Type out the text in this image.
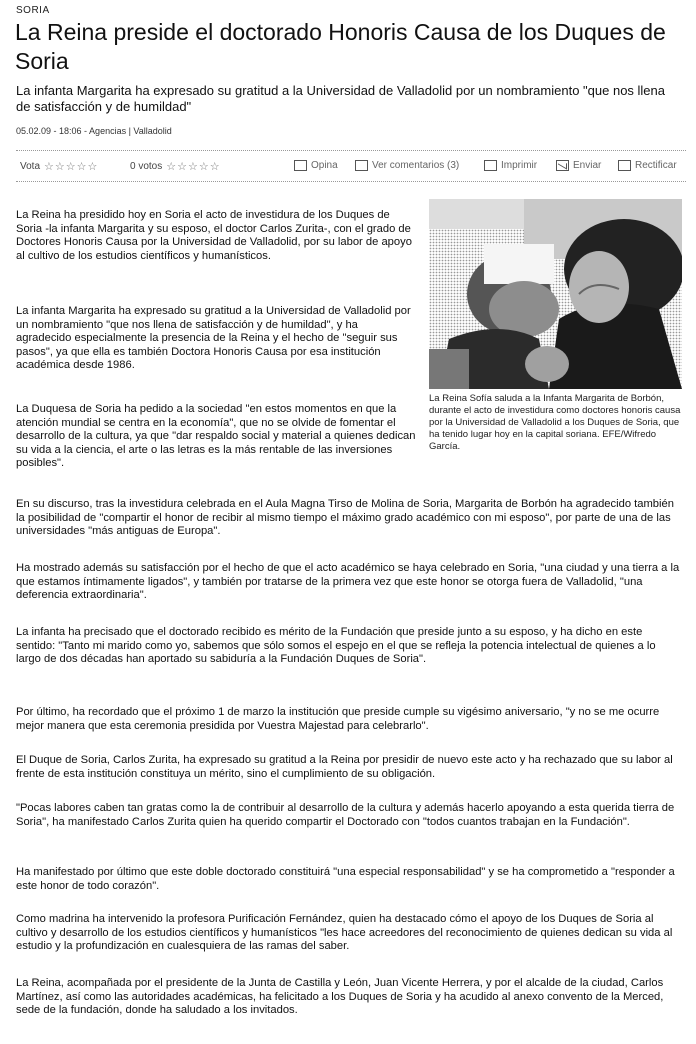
SORIA
La Reina preside el doctorado Honoris Causa de los Duques de Soria
La infanta Margarita ha expresado su gratitud a la Universidad de Valladolid por un nombramiento "que nos llena de satisfacción y de humildad"
05.02.09 - 18:06 - Agencias | Valladolid
Vota ☆☆☆☆☆	0 votos ☆☆☆☆☆	Opina	Ver comentarios (3)	Imprimir	Enviar	Rectificar
La Reina Sofía saluda a la Infanta Margarita de Borbón, durante el acto de investidura como doctores honoris causa por la Universidad de Valladolid a los Duques de Soria, que ha tenido lugar hoy en la capital soriana. EFE/Wifredo García.

La Reina ha presidido hoy en Soria el acto de investidura de los Duques de Soria -la infanta Margarita y su esposo, el doctor Carlos Zurita-, con el grado de Doctores Honoris Causa por la Universidad de Valladolid, por su labor de apoyo al cultivo de los estudios científicos y humanísticos.

La infanta Margarita ha expresado su gratitud a la Universidad de Valladolid por un nombramiento "que nos llena de satisfacción y de humildad", y ha agradecido especialmente la presencia de la Reina y el hecho de "seguir sus pasos", ya que ella es también Doctora Honoris Causa por esa institución académica desde 1986.

La Duquesa de Soria ha pedido a la sociedad "en estos momentos en que la atención mundial se centra en la economía", que no se olvide de fomentar el desarrollo de la cultura, ya que "dar respaldo social y material a quienes dedican su vida a la ciencia, el arte o las letras es la más rentable de las inversiones posibles".

En su discurso, tras la investidura celebrada en el Aula Magna Tirso de Molina de Soria, Margarita de Borbón ha agradecido también la posibilidad de "compartir el honor de recibir al mismo tiempo el máximo grado académico con mi esposo", por parte de una de las universidades "más antiguas de Europa".

Ha mostrado además su satisfacción por el hecho de que el acto académico se haya celebrado en Soria, "una ciudad y una tierra a la que estamos íntimamente ligados", y también por tratarse de la primera vez que este honor se otorga fuera de Valladolid, "una deferencia extraordinaria".

La infanta ha precisado que el doctorado recibido es mérito de la Fundación que preside junto a su esposo, y ha dicho en este sentido: "Tanto mi marido como yo, sabemos que sólo somos el espejo en el que se refleja la potencia intelectual de quienes a lo largo de dos décadas han aportado su sabiduría a la Fundación Duques de Soria".

Por último, ha recordado que el próximo 1 de marzo la institución que preside cumple su vigésimo aniversario, "y no se me ocurre mejor manera que esta ceremonia presidida por Vuestra Majestad para celebrarlo".

El Duque de Soria, Carlos Zurita, ha expresado su gratitud a la Reina por presidir de nuevo este acto y ha rechazado que su labor al frente de esta institución constituya un mérito, sino el cumplimiento de su obligación.

"Pocas labores caben tan gratas como la de contribuir al desarrollo de la cultura y además hacerlo apoyando a esta querida tierra de Soria", ha manifestado Carlos Zurita quien ha querido compartir el Doctorado con "todos cuantos trabajan en la Fundación".

Ha manifestado por último que este doble doctorado constituirá "una especial responsabilidad" y se ha comprometido a "responder a este honor de todo corazón".

Como madrina ha intervenido la profesora Purificación Fernández, quien ha destacado cómo el apoyo de los Duques de Soria al cultivo y desarrollo de los estudios científicos y humanísticos "les hace acreedores del reconocimiento de quienes dedican su vida al estudio y la profundización en cualesquiera de las ramas del saber.

La Reina, acompañada por el presidente de la Junta de Castilla y León, Juan Vicente Herrera, y por el alcalde de la ciudad, Carlos Martínez, así como las autoridades académicas, ha felicitado a los Duques de Soria y ha acudido al anexo convento de la Merced, sede de la fundación, donde ha saludado a los invitados.
